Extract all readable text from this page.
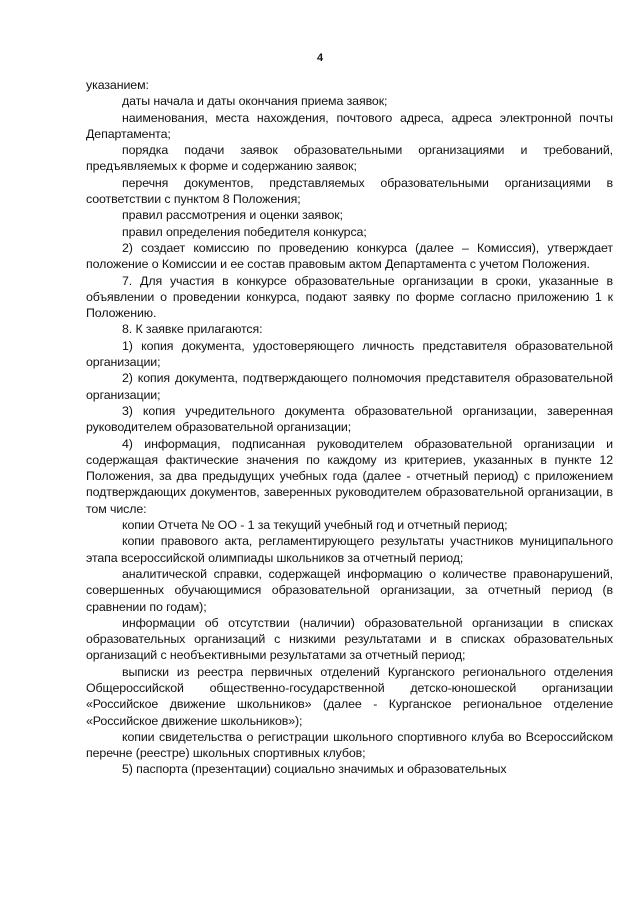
4

указанием:

даты начала и даты окончания приема заявок;

наименования, места нахождения, почтового адреса, адреса электронной почты Департамента;

порядка подачи заявок образовательными организациями и требований, предъявляемых к форме и содержанию заявок;

перечня документов, представляемых образовательными организациями в соответствии с пунктом 8 Положения;

правил рассмотрения и оценки заявок;

правил определения победителя конкурса;

2) создает комиссию по проведению конкурса (далее – Комиссия), утверждает положение о Комиссии и ее состав правовым актом Департамента с учетом Положения.

7. Для участия в конкурсе образовательные организации в сроки, указанные в объявлении о проведении конкурса, подают заявку по форме согласно приложению 1 к Положению.

8. К заявке прилагаются:

1) копия документа, удостоверяющего личность представителя образовательной организации;

2) копия документа, подтверждающего полномочия представителя образовательной организации;

3) копия учредительного документа образовательной организации, заверенная руководителем образовательной организации;

4) информация, подписанная руководителем образовательной организации и содержащая фактические значения по каждому из критериев, указанных в пункте 12 Положения, за два предыдущих учебных года (далее - отчетный период) с приложением подтверждающих документов, заверенных руководителем образовательной организации, в том числе:

копии Отчета № ОО - 1 за текущий учебный год и отчетный период;

копии правового акта, регламентирующего результаты участников муниципального этапа всероссийской олимпиады школьников за отчетный период;

аналитической справки, содержащей информацию о количестве правонарушений, совершенных обучающимися образовательной организации, за отчетный период (в сравнении по годам);

информации об отсутствии (наличии) образовательной организации в списках образовательных организаций с низкими результатами и в списках образовательных организаций с необъективными результатами за отчетный период;

выписки из реестра первичных отделений Курганского регионального отделения Общероссийской общественно-государственной детско-юношеской организации «Российское движение школьников» (далее - Курганское региональное отделение «Российское движение школьников»);

копии свидетельства о регистрации школьного спортивного клуба во Всероссийском перечне (реестре) школьных спортивных клубов;

5) паспорта (презентации) социально значимых и образовательных
